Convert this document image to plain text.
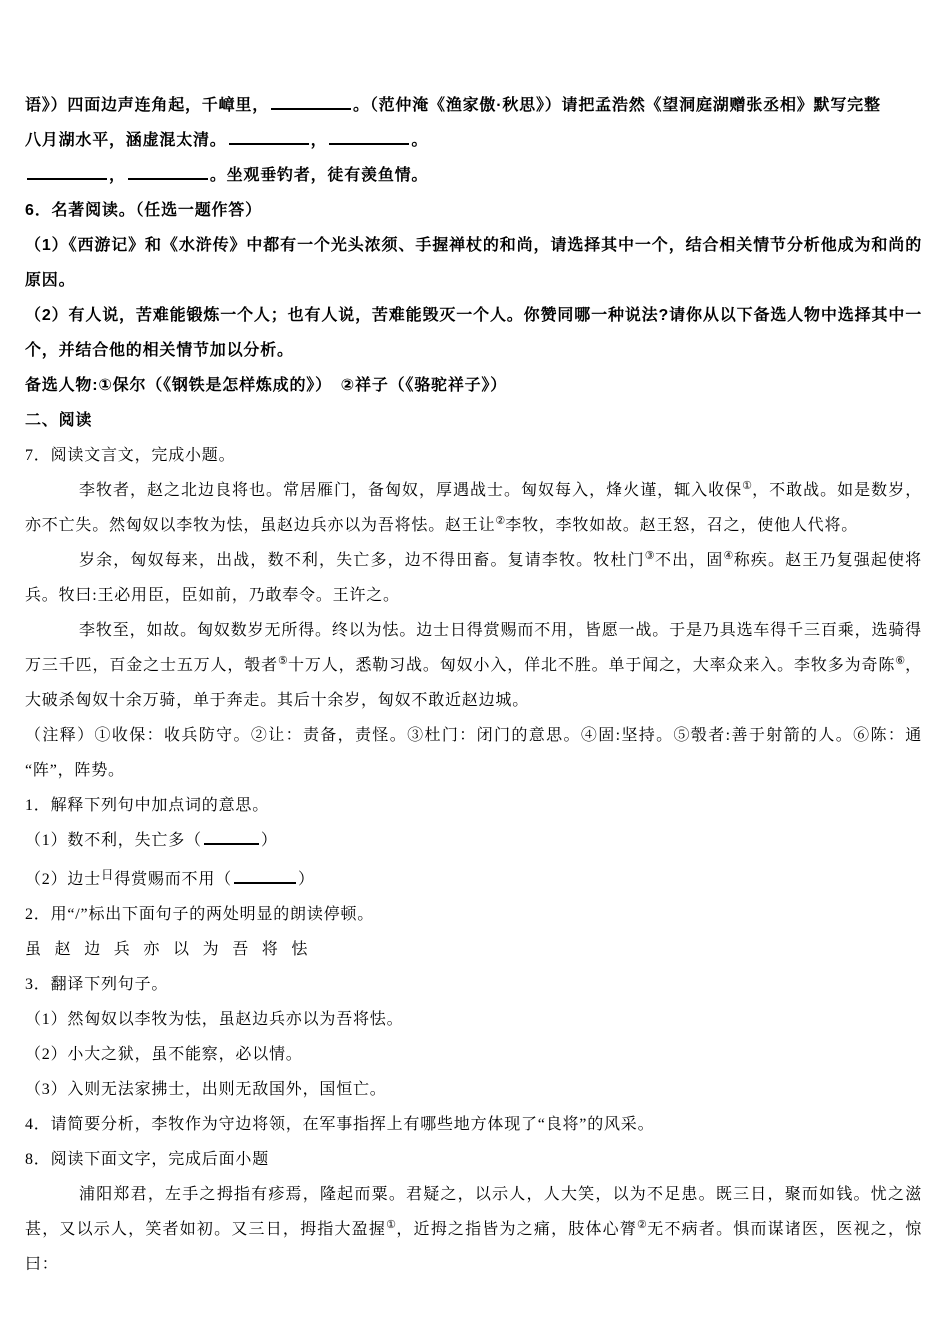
语》）四面边声连角起，千嶂里，	。（范仲淹《渔家傲·秋思》）请把孟浩然《望洞庭湖赠张丞相》默写完整

八月湖水平，涵虚混太清。	，	。

，	。坐观垂钓者，徒有羡鱼情。

6．名著阅读。（任选一题作答）

（1）《西游记》和《水浒传》中都有一个光头浓须、手握禅杖的和尚，请选择其中一个，结合相关情节分析他成为和尚的原因。

（2）有人说，苦难能锻炼一个人；也有人说，苦难能毁灭一个人。你赞同哪一种说法?请你从以下备选人物中选择其中一个，并结合他的相关情节加以分析。

备选人物:①保尔（《钢铁是怎样炼成的》）　②祥子（《骆驼祥子》）

二、阅读

7．阅读文言文，完成小题。

李牧者，赵之北边良将也。常居雁门，备匈奴，厚遇战士。匈奴每入，烽火谨，辄入收保①，不敢战。如是数岁，亦不亡失。然匈奴以李牧为怯，虽赵边兵亦以为吾将怯。赵王让②李牧，李牧如故。赵王怒，召之，使他人代将。

岁余，匈奴每来，出战，数不利，失亡多，边不得田畜。复请李牧。牧杜门③不出，固④称疾。赵王乃复强起使将兵。牧曰:王必用臣，臣如前，乃敢奉令。王许之。

李牧至，如故。匈奴数岁无所得。终以为怯。边士日得赏赐而不用，皆愿一战。于是乃具选车得千三百乘，选骑得万三千匹，百金之士五万人，彀者⑤十万人，悉勒习战。匈奴小入，佯北不胜。单于闻之，大率众来入。李牧多为奇陈⑥，大破杀匈奴十余万骑，单于奔走。其后十余岁，匈奴不敢近赵边城。

（注释）①收保：收兵防守。②让：责备，责怪。③杜门：闭门的意思。④固:坚持。⑤彀者:善于射箭的人。⑥陈：通“阵”，阵势。

1．解释下列句中加点词的意思。

（1）数不利，失亡多（	）

（2）边士$^日$得赏赐而不用（	）

2．用“/”标出下面句子的两处明显的朗读停顿。

虽 赵 边 兵 亦 以 为 吾 将 怯

3．翻译下列句子。

（1）然匈奴以李牧为怯，虽赵边兵亦以为吾将怯。

（2）小大之狱，虽不能察，必以情。

（3）入则无法家拂士，出则无敌国外，国恒亡。

4．请简要分析，李牧作为守边将领，在军事指挥上有哪些地方体现了“良将”的风采。

8．阅读下面文字，完成后面小题

浦阳郑君，左手之拇指有疹焉，隆起而粟。君疑之，以示人，人大笑，以为不足患。既三日，聚而如钱。忧之滋甚，又以示人，笑者如初。又三日，拇指大盈握①，近拇之指皆为之痛，肢体心膂②无不病者。惧而谋诸医，医视之，惊曰：
